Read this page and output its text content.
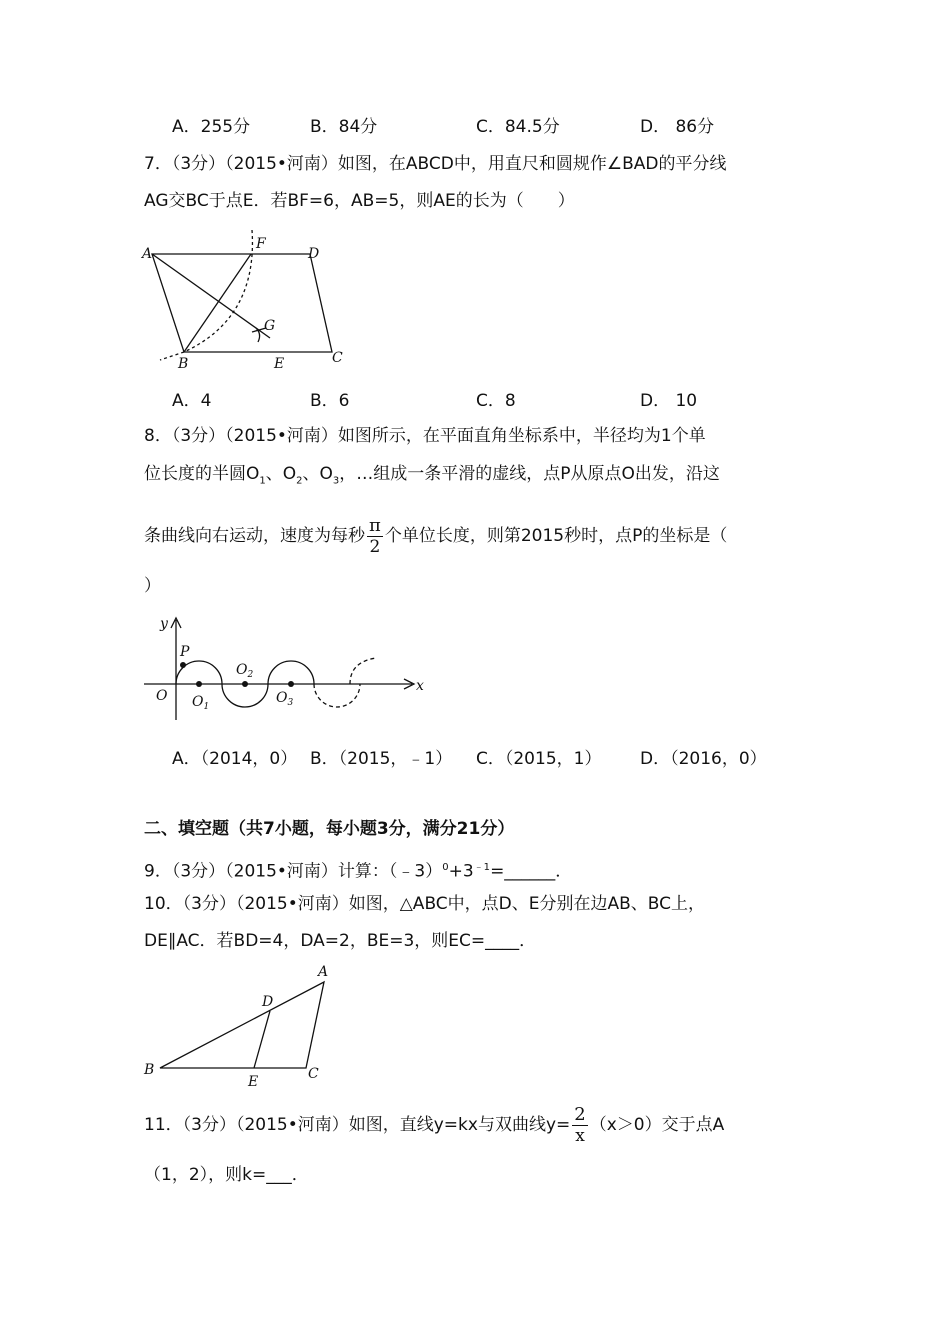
A．255分	B．84分	C．84.5分	D． 86分
7．（3分）（2015•河南）如图，在ABCD中，用直尺和圆规作∠BAD的平分线
AG交BC于点E．若BF=6，AB=5，则AE的长为（　　）
A
F
D
G
B	E	C
A．4	B．6	C．8	D． 10
8．（3分）（2015•河南）如图所示，在平面直角坐标系中，半径均为1个单
位长度的半圆$O_1$、$O_2$、$O_3$，…组成一条平滑的虚线，点P从原点O出发，沿这
条曲线向右运动，速度为每秒 $\frac{\pi}{2}$ 个单位长度，则第2015秒时，点P的坐标是（
）
y
x
O
P
$O_1$
$O_2$
$O_3$
A．（2014，0） B．（2015，﹣1） C．（2015，1） D．（2016，0）
二、填空题（共7小题，每小题3分，满分21分）
9．（3分）（2015•河南）计算：$(﹣3)^0+3^{﹣1}=\_\_\_\_\_\_$．
10．（3分）（2015•河南）如图，△ABC中，点D、E分别在边AB、BC上，
DE∥AC．若BD=4，DA=2，BE=3，则EC=____．
A
D
B
E	C
11．（3分）（2015•河南）如图，直线y=kx与双曲线$y= \frac{2}{x} (x>0)$交于点A
（1，2），则k=___．
